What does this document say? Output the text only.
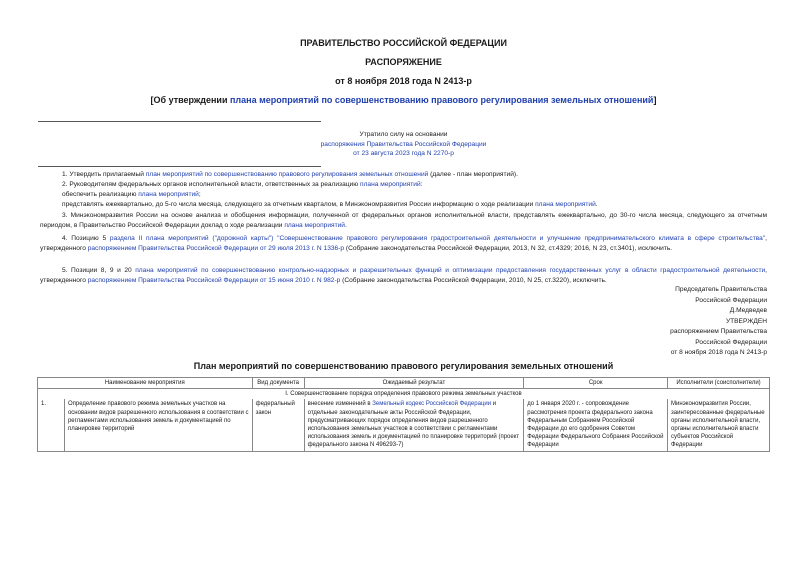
ПРАВИТЕЛЬСТВО РОССИЙСКОЙ ФЕДЕРАЦИИ
РАСПОРЯЖЕНИЕ
от 8 ноября 2018 года N 2413-р
[Об утверждении плана мероприятий по совершенствованию правового регулирования земельных отношений]
Утратило силу на основании
распоряжения Правительства Российской Федерации
от 23 августа 2023 года N 2270-р

1. Утвердить прилагаемый план мероприятий по совершенствованию правового регулирования земельных отношений (далее - план мероприятий).

2. Руководителям федеральных органов исполнительной власти, ответственных за реализацию плана мероприятий:

обеспечить реализацию плана мероприятий;

представлять ежеквартально, до 5-го числа месяца, следующего за отчетным кварталом, в Минэкономразвития России информацию о ходе реализации плана мероприятий.

3. Минэкономразвития России на основе анализа и обобщения информации, полученной от федеральных органов исполнительной власти, представлять ежеквартально, до 30-го числа месяца, следующего за отчетным периодом, в Правительство Российской Федерации доклад о ходе реализации плана мероприятий.

4. Позицию 5 раздела II плана мероприятий ("дорожной карты") "Совершенствование правового регулирования градостроительной деятельности и улучшение предпринимательского климата в сфере строительства", утвержденного распоряжением Правительства Российской Федерации от 29 июля 2013 г. N 1336-р (Собрание законодательства Российской Федерации, 2013, N 32, ст.4329; 2016, N 23, ст.3401), исключить.

5. Позиции 8, 9 и 20 плана мероприятий по совершенствованию контрольно-надзорных и разрешительных функций и оптимизации предоставления государственных услуг в области градостроительной деятельности, утвержденного распоряжением Правительства Российской Федерации от 15 июня 2010 г. N 982-р (Собрание законодательства Российской Федерации, 2010, N 25, ст.3220), исключить.

Председатель Правительства
Российской Федерации
Д.Медведев
УТВЕРЖДЕН
распоряжением Правительства
Российской Федерации
от 8 ноября 2018 года N 2413-р
План мероприятий по совершенствованию правового регулирования земельных отношений
Наименование мероприятия		Вид документа	Ожидаемый результат	Срок	Исполнители (соисполнители)
I. Совершенствование порядка определения правового режима земельных участков					
1.	Определение правового режима земельных участков на основании видов разрешенного использования в соответствии с регламентами использования земель и документацией по планировке территорий	федеральный закон	внесение изменений в Земельный кодекс Российской Федерации и отдельные законодательные акты Российской Федерации, предусматривающих порядок определения видов разрешенного использования земельных участков в соответствии с регламентами использования земель и документацией по планировке территорий (проект федерального закона N 496293-7)	до 1 января 2020 г. - сопровождение рассмотрения проекта федерального закона Федеральным Собранием Российской Федерации до его одобрения Советом Федерации Федерального Собрания Российской Федерации	Минэкономразвития России, заинтересованные федеральные органы исполнительной власти, органы исполнительной власти субъектов Российской Федерации
